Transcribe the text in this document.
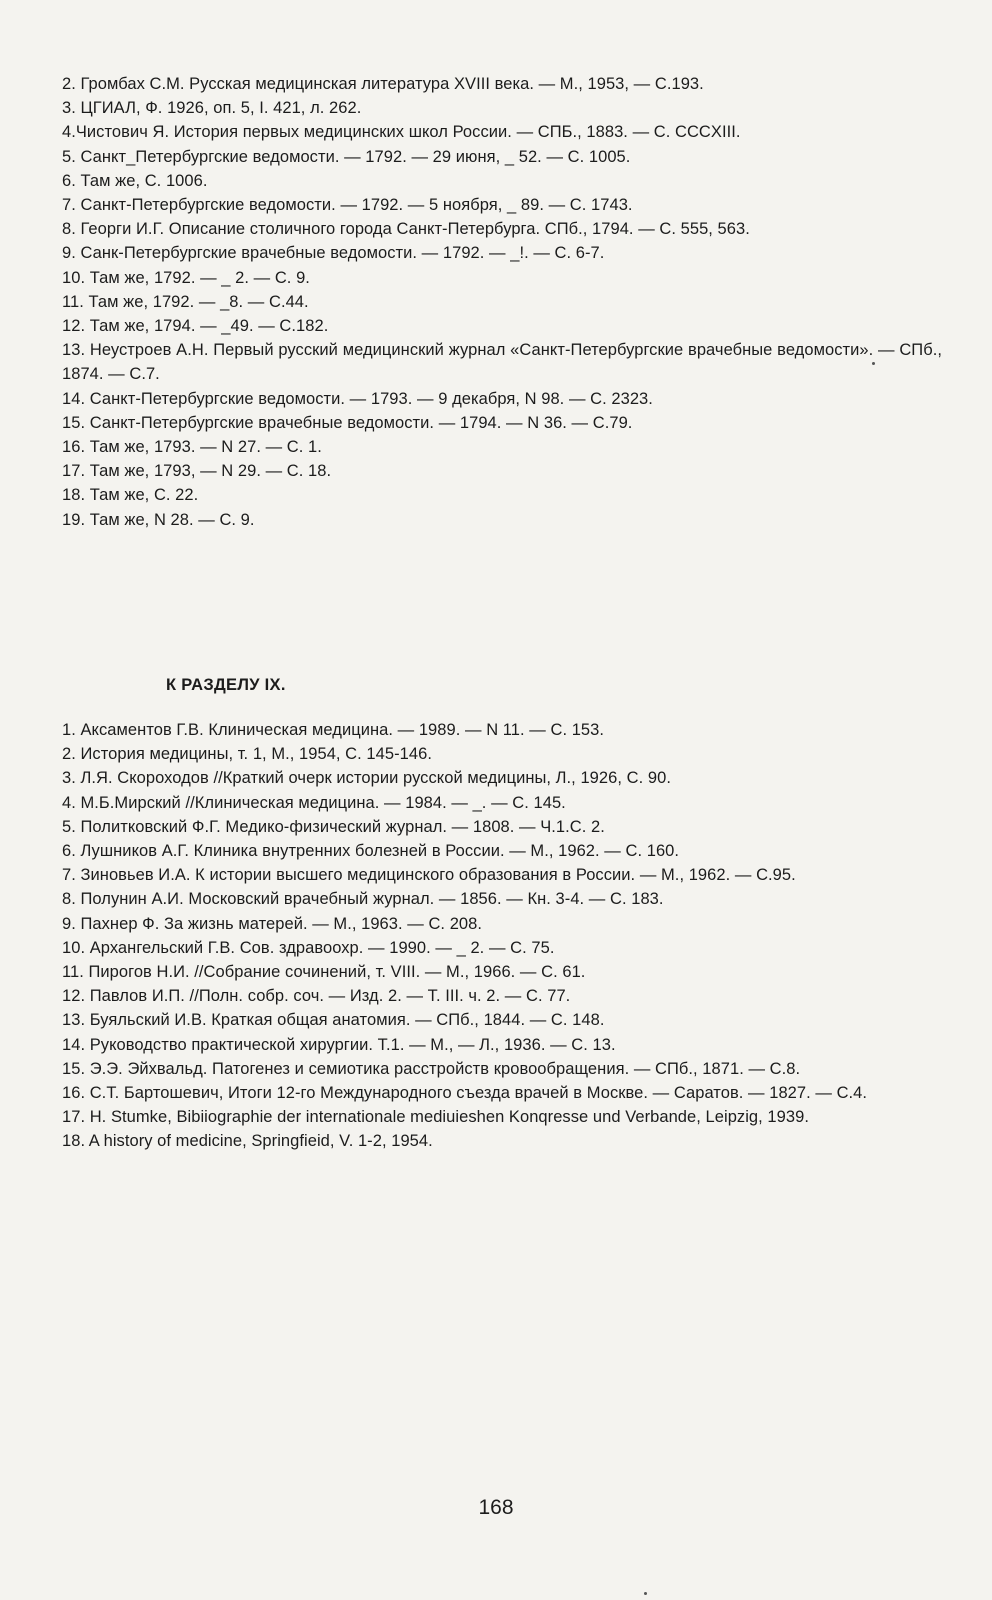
2. Громбах С.М. Русская медицинская литература XVIII века. — М., 1953, — С.193.

3. ЦГИАЛ, Ф. 1926, оп. 5, I. 421, л. 262.

4.Чистович Я. История первых медицинских школ России. — СПБ., 1883. — С. СССXIII.

5. Санкт_Петербургские ведомости. — 1792. — 29 июня, _ 52. — С. 1005.

6. Там же, С. 1006.

7. Санкт-Петербургские ведомости. — 1792. — 5 ноября, _ 89. — С. 1743.

8. Георги И.Г. Описание столичного города Санкт-Петербурга. СПб., 1794. — С. 555, 563.

9. Санк-Петербургские врачебные ведомости. — 1792. — _!. — С. 6-7.

10. Там же, 1792. — _ 2. — С. 9.

11. Там же, 1792. — _8. — С.44.

12. Там же, 1794. — _49. — С.182.

13. Неустроев А.Н. Первый русский медицинский журнал «Санкт-Петербургские врачебные ведомости». — СПб., 1874. — С.7.

14. Санкт-Петербургские ведомости. — 1793. — 9 декабря, N 98. — С. 2323.

15. Санкт-Петербургские врачебные ведомости. — 1794. — N 36. — С.79.

16. Там же, 1793. — N 27. — С. 1.

17. Там же, 1793, — N 29. — С. 18.

18. Там же, С. 22.

19. Там же, N 28. — С. 9.

К РАЗДЕЛУ IX.

1. Аксаментов Г.В. Клиническая медицина. — 1989. — N 11. — С. 153.

2. История медицины, т. 1, М., 1954, С. 145-146.

3. Л.Я. Скороходов //Краткий очерк истории русской медицины, Л., 1926, С. 90.

4. М.Б.Мирский //Клиническая медицина. — 1984. — _. — С. 145.

5. Политковский Ф.Г. Медико-физический журнал. — 1808. — Ч.1.С. 2.

6. Лушников А.Г. Клиника внутренних болезней в России. — М., 1962. — С. 160.

7. Зиновьев И.А. К истории высшего медицинского образования в России. — М., 1962. — С.95.

8. Полунин А.И. Московский врачебный журнал. — 1856. — Кн. 3-4. — С. 183.

9. Пахнер Ф. За жизнь матерей. — М., 1963. — С. 208.

10. Архангельский Г.В. Сов. здравоохр. — 1990. — _ 2. — С. 75.

11. Пирогов Н.И. //Собрание сочинений, т. VIII. — М., 1966. — С. 61.

12. Павлов И.П. //Полн. собр. соч. — Изд. 2. — Т. III. ч. 2. — С. 77.

13. Буяльский И.В. Краткая общая анатомия. — СПб., 1844. — С. 148.

14. Руководство практической хирургии. Т.1. — М., — Л., 1936. — С. 13.

15. Э.Э. Эйхвальд. Патогенез и семиотика расстройств кровообращения. — СПб., 1871. — С.8.

16. С.Т. Бартошевич, Итоги 12-го Международного съезда врачей в Москве. — Саратов. — 1827. — С.4.

17. H. Stumke, Bibiiographie der internationale mediuieshen Konqresse und Verbande, Leipzig, 1939.

18. A history of medicine, Springfieid, V. 1-2, 1954.

168
